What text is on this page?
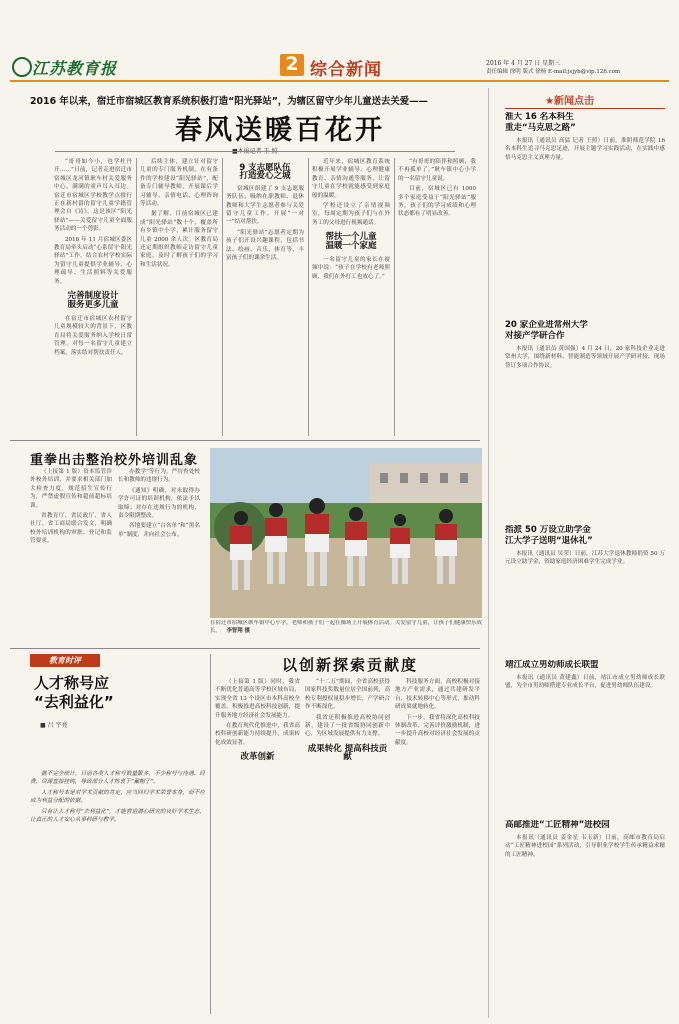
江苏教育报	2 综合新闻	2016 年 4 月 27 日 星期三
责任编辑 徐明 版式 徐杨 E-mail:jsjyb@vip.126.com
2016 年以来，宿迁市宿城区教育系统积极打造“阳光驿站”，为辖区留守少年儿童送去关爱——
春风送暖百花开
■本报记者 王 照

“哥哥如今小，也学杜丹开……”日前，记者走进宿迁市宿城区龙河镇耿车村关爱服务中心，满满的童声耳入耳边。宿迁市宿城区学校教学点推行正在新村留的留守儿童学籍管理会自《诗》。这是该区“阳光驿站”——关爱留守儿童全面服务活动的一个剪影。

2016 年 11 月宿城区委区教育局牵头启动“心系留守·阳光驿站”工作，结合农村学校实际为留守儿童提供学业辅导、心理疏导、生活照料等关爱服务。

完善制度设计
服务更多儿童

在宿迁市宿城区农村留守儿童规模较大的背景下，区教育局将关爱服务纳入学校日常管理。对每一名留守儿童建立档案，落实结对帮扶责任人。

后续主体，建立针对留守儿童的专门服务机制，在有条件的学校建设“阳光驿站”，配备专门辅导教师，开展课后学习辅导、亲情电话、心理咨询等活动。

据了解，目前宿城区已建成“阳光驿站”数十个，覆盖所有乡镇中小学，累计服务留守儿童 2000 余人次。区教育局还定期组织教师走访留守儿童家庭，及时了解孩子们的学习和生活状况。

9 支志愿队伍
打造爱心之城

宿城区组建了 9 支志愿服务队伍，吸纳在职教师、退休教师和大学生志愿者参与关爱留守儿童工作，开展“一对一”结对帮扶。

“阳光驿站”志愿者定期为孩子们开设兴趣课程，包括书法、绘画、音乐、体育等，丰富孩子们的课余生活。

近年来，宿城区教育系统积极开展学业辅导、心理健康教育、亲情沟通等服务，让留守儿童在学校就能感受到家庭般的温暖。

学校还设立了亲情视频室，每周定期为孩子们与在外务工的父母进行视频通话。

帮扶一个儿童
温暖一个家庭

一名留守儿童的家长在视频中说：“孩子在学校有老师照顾，我们在外打工也放心了。”

“有哥哥的陪伴和照顾，我不再孤单了。”耿车镇中心小学的一名留守儿童说。

目前，宿城区已有 1000 多个家庭受益于“阳光驿站”服务，孩子们的学习成绩和心理状态都有了明显改善。

★新闻点击
淮大 16 名本科生
重走“马克思之路”
本报讯（通讯员 高猛 记者 王照）日前，淮阴师范学院 16 名本科生追寻马克思足迹，开展主题学习实践活动，在实践中感悟马克思主义真理力量。
20 家企业进常州大学
对接产学研合作
本报讯（通讯员 黄国强）4 月 24 日，20 家科技企业走进常州大学，围绕新材料、智能制造等领域开展产学研对接，现场签订多项合作协议。
指派 50 万设立助学金
江大学子送明“退休礼”
本报讯（通讯员 吴荣）日前，江苏大学退休教师捐资 50 万元设立助学金，资助家庭经济困难学生完成学业。
靖江成立男幼师成长联盟
本报讯（通讯员 黄建鑫）日前，靖江市成立男幼师成长联盟，为全市男幼师搭建专业成长平台，促进男幼师队伍建设。
高邮推进“工匠精神”进校园
本报讯（通讯员 姜金星 韦玉新）日前，高邮市教育局启动“工匠精神进校园”系列活动，引导职业学校学生传承精益求精的工匠精神。
重拳出击整治校外培训乱象

（上接第 1 版）资本监管涉外校外培训，并要求相关部门加大检查力度，规范招生宣传行为，严禁虚假宣传和超前超标培训。

省教育厅、省民政厅、省人社厅、省工商局联合发文，明确校外培训机构的审批、登记和监管要求。

办教学”等行为，严厉查处校长和教师的违规行为。

《通知》明确，对未取得办学许可证的培训机构，依法予以取缔；对存在违规行为的机构，责令限期整改。

各地要建立“白名单”和“黑名单”制度，并向社会公布。

在宿迁市宿城区耿车镇中心小学，老师和孩子们一起在操场上开展体育活动。关爱留守儿童，让孩子们健康快乐成长。 李智翔 摄
教育时评
人才称号应
“去利益化”
■ 吕 宇亮

据不完全统计，目前各类人才称号数量繁多，不少称号与待遇、经费、资源直接挂钩，导致部分人才热衷于“戴帽子”。

人才称号本是对学术贡献的肯定，应当回归学术荣誉本身，而不应成为利益分配的依据。

只有让人才称号“去利益化”，才能营造潜心研究的良好学术生态，让真正的人才安心从事科研与教学。

以创新探索贡献度

（上接第 1 版）同时，我省不断优化普通高等学校区域布局，实现全省 13 个设区市本科高校全覆盖。积极推进高校科技创新，提升服务地方经济社会发展能力。

在教育现代化推进中，我省高校科研创新能力持续提升，成果转化成效显著。

改革创新

“十二五”期间，全省高校获得国家科技奖数量位居全国前列，高校专利授权量稳步增长，产学研合作不断深化。

我省还积极推进高校协同创新，建设了一批省级协同创新中心，为区域发展提供有力支撑。

成果转化 提高科技贡献

科技服务方面，高校积极对接地方产业需求，通过共建研发平台、技术转移中心等形式，推动科研成果就地转化。

下一步，我省将深化高校科技体制改革，完善评价激励机制，进一步提升高校对经济社会发展的贡献度。
